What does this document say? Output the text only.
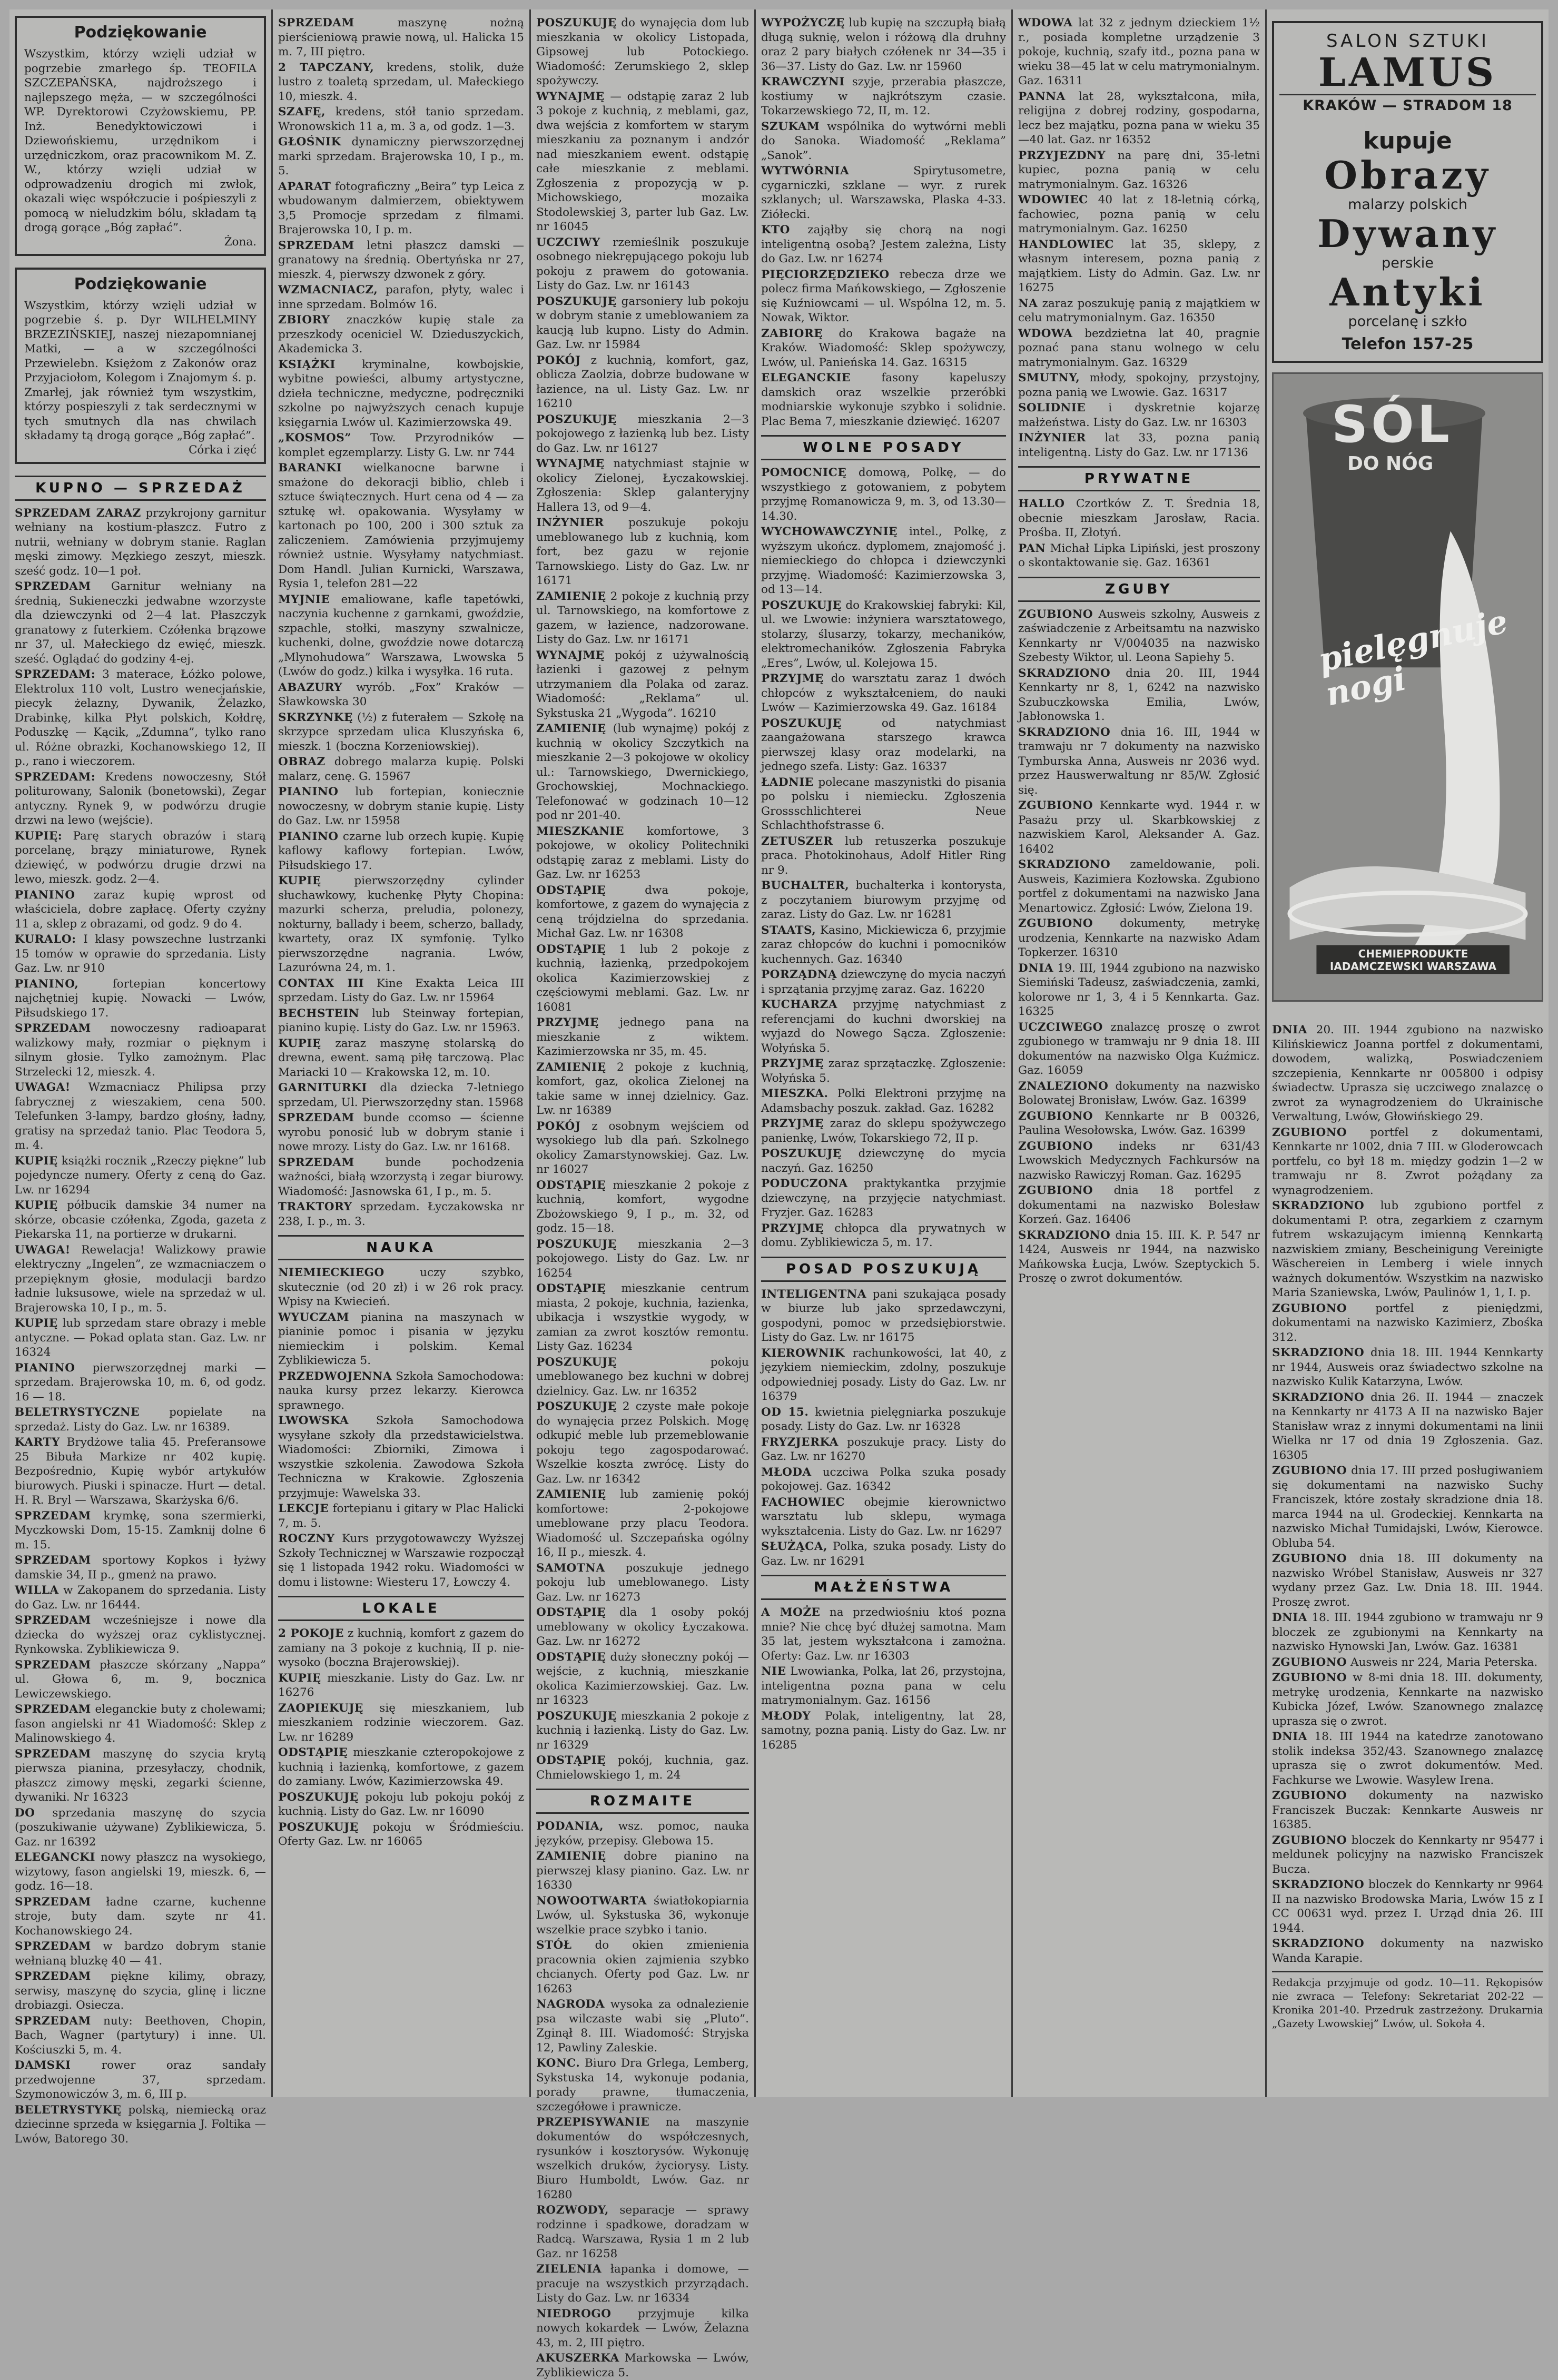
Podziękowanie
Wszystkim, którzy wzięli udział w pogrzebie zmarłego śp. TEOFILA SZCZEPAŃSKA, najdroższego i najlepszego męża, — w szczególności WP. Dyrektorowi Czyżowskiemu, PP. Inż. Benedyktowiczowi i Dziewońskiemu, urzędnikom i urzędniczkom, oraz pracownikom M. Z. W., którzy wzięli udział w odprowadzeniu drogich mi zwłok, okazali więc współczucie i pośpieszyli z pomocą w nieludzkim bólu, składam tą drogą gorące „Bóg zapłać”.
Żona.
Podziękowanie
Wszystkim, którzy wzięli udział w pogrzebie ś. p. Dyr WILHELMINY BRZEZIŃSKIEJ, naszej niezapomnianej Matki, — a w szczególności Przewielebn. Księżom z Zakonów oraz Przyjaciołom, Kolegom i Znajomym ś. p. Zmarłej, jak również tym wszystkim, którzy pospieszyli z tak serdecznymi w tych smutnych dla nas chwilach składamy tą drogą gorące „Bóg zapłać”.
Córka i zięć
KUPNO — SPRZEDAŻ
SPRZEDAM ZARAZ przykrojony garnitur wełniany na kostium-płaszcz. Futro z nutrii, wełniany w dobrym stanie. Raglan męski zimowy. Męzkiego zeszyt, mieszk. sześć godz. 10—1 poł.
SPRZEDAM Garnitur wełniany na średnią, Sukieneczki jedwabne wzorzyste dla dziewczynki od 2—4 lat. Płaszczyk granatowy z futerkiem. Czółenka brązowe nr 37, ul. Małeckiego dz ewięć, mieszk. sześć. Oglądać do godziny 4-ej.
SPRZEDAM: 3 materace, Łóżko polowe, Elektrolux 110 volt, Lustro wenecjańskie, piecyk żelazny, Dywanik, Żelazko, Drabinkę, kilka Płyt polskich, Kołdrę, Poduszkę — Kącik, „Zdumna”, tylko rano ul. Różne obrazki, Kochanowskiego 12, II p., rano i wieczorem.
SPRZEDAM: Kredens nowoczesny, Stół politurowany, Salonik (bonetowski), Zegar antyczny. Rynek 9, w podwórzu drugie drzwi na lewo (wejście).
KUPIĘ: Parę starych obrazów i starą porcelanę, brązy miniaturowe, Rynek dziewięć, w podwórzu drugie drzwi na lewo, mieszk. godz. 2—4.
PIANINO zaraz kupię wprost od właściciela, dobre zapłacę. Oferty czyżny 11 a, sklep z obrazami, od godz. 9 do 4.
KURALO: I klasy powszechne lustrzanki 15 tomów w oprawie do sprzedania. Listy Gaz. Lw. nr 910
PIANINO, fortepian koncertowy najchętniej kupię. Nowacki — Lwów, Piłsudskiego 17.
SPRZEDAM nowoczesny radioaparat walizkowy mały, rozmiar o pięknym i silnym głosie. Tylko zamożnym. Plac Strzelecki 12, mieszk. 4.
UWAGA! Wzmacniacz Philipsa przy fabrycznej z wieszakiem, cena 500. Telefunken 3-lampy, bardzo głośny, ładny, gratisy na sprzedaż tanio. Plac Teodora 5, m. 4.
KUPIĘ książki rocznik „Rzeczy piękne” lub pojedyncze numery. Oferty z ceną do Gaz. Lw. nr 16294
KUPIĘ półbucik damskie 34 numer na skórze, obcasie czółenka, Zgoda, gazeta z Piekarska 11, na portierze w drukarni.
UWAGA! Rewelacja! Walizkowy prawie elektryczny „Ingelen”, ze wzmacniaczem o przepięknym głosie, modulacji bardzo ładnie luksusowe, wiele na sprzedaż w ul. Brajerowska 10, I p., m. 5.
KUPIĘ lub sprzedam stare obrazy i meble antyczne. — Pokad oplata stan. Gaz. Lw. nr 16324
PIANINO pierwszorzędnej marki — sprzedam. Brajerowska 10, m. 6, od godz. 16 — 18.
BELETRYSTYCZNE popielate na sprzedaż. Listy do Gaz. Lw. nr 16389.
KARTY Brydżowe talia 45. Preferansowe 25 Bibuła Markize nr 402 kupię. Bezpośrednio, Kupię wybór artykułów biurowych. Piuski i spinacze. Hurt — detal. H. R. Bryl — Warszawa, Skarżyska 6/6.
SPRZEDAM krymkę, sona szermierki, Myczkowski Dom, 15-15. Zamknij dolne 6 m. 15.
SPRZEDAM sportowy Kopkos i łyżwy damskie 34, II p., gmenż na prawo.
WILLA w Zakopanem do sprzedania. Listy do Gaz. Lw. nr 16444.
SPRZEDAM wcześniejsze i nowe dla dziecka do wyższej oraz cyklistycznej. Rynkowska. Zyblikiewicza 9.
SPRZEDAM płaszcze skórzany „Nappa” ul. Głowa 6, m. 9, bocznica Lewiczewskiego.
SPRZEDAM eleganckie buty z cholewami; fason angielski nr 41 Wiadomość: Sklep z Malinowskiego 4.
SPRZEDAM maszynę do szycia krytą pierwsza pianina, przesyłaczy, chodnik, płaszcz zimowy męski, zegarki ścienne, dywaniki. Nr 16323
DO sprzedania maszynę do szycia (poszukiwanie używane) Zyblikiewicza, 5. Gaz. nr 16392
ELEGANCKI nowy płaszcz na wysokiego, wizytowy, fason angielski 19, mieszk. 6, — godz. 16—18.
SPRZEDAM ładne czarne, kuchenne stroje, buty dam. szyte nr 41. Kochanowskiego 24.
SPRZEDAM w bardzo dobrym stanie wełnianą bluzkę 40 — 41.
SPRZEDAM piękne kilimy, obrazy, serwisy, maszynę do szycia, glinę i liczne drobiazgi. Osiecza.
SPRZEDAM nuty: Beethoven, Chopin, Bach, Wagner (partytury) i inne. Ul. Kościuszki 5, m. 4.
DAMSKI rower oraz sandały przedwojenne 37, sprzedam. Szymonowiczów 3, m. 6, III p.
BELETRYSTYKĘ polską, niemiecką oraz dziecinne sprzeda w księgarnia J. Foltika — Lwów, Batorego 30.
SPRZEDAM maszynę nożną pierścieniową prawie nową, ul. Halicka 15 m. 7, III piętro.
2 TAPCZANY, kredens, stolik, duże lustro z toaletą sprzedam, ul. Małeckiego 10, mieszk. 4.
SZAFĘ, kredens, stół tanio sprzedam. Wronowskich 11 a, m. 3 a, od godz. 1—3.
GŁOŚNIK dynamiczny pierwszorzędnej marki sprzedam. Brajerowska 10, I p., m. 5.
APARAT fotograficzny „Beira” typ Leica z wbudowanym dalmierzem, obiektywem 3,5 Promocje sprzedam z filmami. Brajerowska 10, I p. m.
SPRZEDAM letni płaszcz damski — granatowy na średnią. Obertyńska nr 27, mieszk. 4, pierwszy dzwonek z góry.
WZMACNIACZ, parafon, płyty, walec i inne sprzedam. Bolmów 16.
ZBIORY znaczków kupię stale za przeszkody oceniciel W. Dzieduszyckich, Akademicka 3.
KSIĄŻKI kryminalne, kowbojskie, wybitne powieści, albumy artystyczne, dzieła techniczne, medyczne, podręczniki szkolne po najwyższych cenach kupuje księgarnia Lwów ul. Kazimierzowska 49.
„KOSMOS” Tow. Przyrodników — komplet egzemplarzy. Listy G. Lw. nr 744
BARANKI wielkanocne barwne i smażone do dekoracji biblio, chleb i sztuce świątecznych. Hurt cena od 4 — za sztukę wł. opakowania. Wysyłamy w kartonach po 100, 200 i 300 sztuk za zaliczeniem. Zamówienia przyjmujemy również ustnie. Wysyłamy natychmiast. Dom Handl. Julian Kurnicki, Warszawa, Rysia 1, telefon 281—22
MYJNIE emaliowane, kafle tapetówki, naczynia kuchenne z garnkami, gwoździe, szpachle, stołki, maszyny szwalnicze, kuchenki, dolne, gwoździe nowe dotarczą „Mlynohudowa” Warszawa, Lwowska 5 (Lwów do godz.) kilka i wysyłka. 16 ruta.
ABAZURY wyrób. „Fox” Kraków — Sławkowska 30
SKRZYNKĘ (½) z futerałem — Szkołę na skrzypce sprzedam ulica Kluszyńska 6, mieszk. 1 (boczna Korzeniowskiej).
OBRAZ dobrego malarza kupię. Polski malarz, cenę. G. 15967
PIANINO lub fortepian, koniecznie nowoczesny, w dobrym stanie kupię. Listy do Gaz. Lw. nr 15958
PIANINO czarne lub orzech kupię. Kupię kaflowy kaflowy fortepian. Lwów, Piłsudskiego 17.
KUPIĘ pierwszorzędny cylinder słuchawkowy, kuchenkę Płyty Chopina: mazurki scherza, preludia, polonezy, nokturny, ballady i beem, scherzo, ballady, kwartety, oraz IX symfonię. Tylko pierwszorzędne nagrania. Lwów, Lazurówna 24, m. 1.
CONTAX III Kine Exakta Leica III sprzedam. Listy do Gaz. Lw. nr 15964
BECHSTEIN lub Steinway fortepian, pianino kupię. Listy do Gaz. Lw. nr 15963.
KUPIĘ zaraz maszynę stolarską do drewna, ewent. samą piłę tarczową. Plac Mariacki 10 — Krakowska 12, m. 10.
GARNITURKI dla dziecka 7-letniego sprzedam, Ul. Pierwszorzędny stan. 15968
SPRZEDAM bunde ccomso — ścienne wyrobu ponosić lub w dobrym stanie i nowe mrozy. Listy do Gaz. Lw. nr 16168.
SPRZEDAM bunde pochodzenia ważności, białą wzorzystą i zegar biurowy. Wiadomość: Jasnowska 61, I p., m. 5.
TRAKTORY sprzedam. Łyczakowska nr 238, I. p., m. 3.
NAUKA
NIEMIECKIEGO uczy szybko, skutecznie (od 20 zł) i w 26 rok pracy. Wpisy na Kwiecień.
WYUCZAM pianina na maszynach w pianinie pomoc i pisania w języku niemieckim i polskim. Kemal Zyblikiewicza 5.
PRZEDWOJENNA Szkoła Samochodowa: nauka kursy przez lekarzy. Kierowca sprawnego.
LWOWSKA Szkoła Samochodowa wysyłane szkoły dla przedstawicielstwa. Wiadomości: Zbiorniki, Zimowa i wszystkie szkolenia. Zawodowa Szkoła Techniczna w Krakowie. Zgłoszenia przyjmuje: Wawelska 33.
LEKCJE fortepianu i gitary w Plac Halicki 7, m. 5.
ROCZNY Kurs przygotowawczy Wyższej Szkoły Technicznej w Warszawie rozpoczął się 1 listopada 1942 roku. Wiadomości w domu i listowne: Wiesteru 17, Łowczy 4.
LOKALE
2 POKOJE z kuchnią, komfort z gazem do zamiany na 3 pokoje z kuchnią, II p. nie-wysoko (boczna Brajerowskiej).
KUPIĘ mieszkanie. Listy do Gaz. Lw. nr 16276
ZAOPIEKUJĘ się mieszkaniem, lub mieszkaniem rodzinie wieczorem. Gaz. Lw. nr 16289
ODSTĄPIĘ mieszkanie czteropokojowe z kuchnią i łazienką, komfortowe, z gazem do zamiany. Lwów, Kazimierzowska 49.
POSZUKUJĘ pokoju lub pokoju pokój z kuchnią. Listy do Gaz. Lw. nr 16090
POSZUKUJĘ pokoju w Śródmieściu. Oferty Gaz. Lw. nr 16065
POSZUKUJĘ do wynajęcia dom lub mieszkania w okolicy Listopada, Gipsowej lub Potockiego. Wiadomość: Zerumskiego 2, sklep spożywczy.
WYNAJMĘ — odstąpię zaraz 2 lub 3 pokoje z kuchnią, z meblami, gaz, dwa wejścia z komfortem w starym mieszkaniu za poznanym i andzór nad mieszkaniem ewent. odstąpię całe mieszkanie z meblami. Zgłoszenia z propozycją w p. Michowskiego, mozaika Stodolewskiej 3, parter lub Gaz. Lw. nr 16045
UCZCIWY rzemieślnik poszukuje osobnego niekrępującego pokoju lub pokoju z prawem do gotowania. Listy do Gaz. Lw. nr 16143
POSZUKUJĘ garsoniery lub pokoju w dobrym stanie z umeblowaniem za kaucją lub kupno. Listy do Admin. Gaz. Lw. nr 15984
POKÓJ z kuchnią, komfort, gaz, oblicza Zaolzia, dobrze budowane w łazience, na ul. Listy Gaz. Lw. nr 16210
POSZUKUJĘ mieszkania 2—3 pokojowego z łazienką lub bez. Listy do Gaz. Lw. nr 16127
WYNAJMĘ natychmiast stajnie w okolicy Zielonej, Łyczakowskiej. Zgłoszenia: Sklep galanteryjny Hallera 13, od 9—4.
INŻYNIER poszukuje pokoju umeblowanego lub z kuchnią, kom fort, bez gazu w rejonie Tarnowskiego. Listy do Gaz. Lw. nr 16171
ZAMIENIĘ 2 pokoje z kuchnią przy ul. Tarnowskiego, na komfortowe z gazem, w łazience, nadzorowane. Listy do Gaz. Lw. nr 16171
WYNAJMĘ pokój z używalnością łazienki i gazowej z pełnym utrzymaniem dla Polaka od zaraz. Wiadomość: „Reklama” ul. Sykstuska 21 „Wygoda”. 16210
ZAMIENIĘ (lub wynajmę) pokój z kuchnią w okolicy Szczytkich na mieszkanie 2—3 pokojowe w okolicy ul.: Tarnowskiego, Dwernickiego, Grochowskiej, Mochnackiego. Telefonować w godzinach 10—12 pod nr 201-40.
MIESZKANIE komfortowe, 3 pokojowe, w okolicy Politechniki odstąpię zaraz z meblami. Listy do Gaz. Lw. nr 16253
ODSTĄPIĘ dwa pokoje, komfortowe, z gazem do wynajęcia z ceną trójdzielna do sprzedania. Michał Gaz. Lw. nr 16308
ODSTĄPIĘ 1 lub 2 pokoje z kuchnią, łazienką, przedpokojem okolica Kazimierzowskiej z częściowymi meblami. Gaz. Lw. nr 16081
PRZYJMĘ jednego pana na mieszkanie z wiktem. Kazimierzowska nr 35, m. 45.
ZAMIENIĘ 2 pokoje z kuchnią, komfort, gaz, okolica Zielonej na takie same w innej dzielnicy. Gaz. Lw. nr 16389
POKÓJ z osobnym wejściem od wysokiego lub dla pań. Szkolnego okolicy Zamarstynowskiej. Gaz. Lw. nr 16027
ODSTĄPIĘ mieszkanie 2 pokoje z kuchnią, komfort, wygodne Zbożowskiego 9, I p., m. 32, od godz. 15—18.
POSZUKUJĘ mieszkania 2—3 pokojowego. Listy do Gaz. Lw. nr 16254
ODSTĄPIĘ mieszkanie centrum miasta, 2 pokoje, kuchnia, łazienka, ubikacja i wszystkie wygody, w zamian za zwrot kosztów remontu. Listy Gaz. 16234
POSZUKUJĘ pokoju umeblowanego bez kuchni w dobrej dzielnicy. Gaz. Lw. nr 16352
POSZUKUJĘ 2 czyste małe pokoje do wynajęcia przez Polskich. Mogę odkupić meble lub przemeblowanie pokoju tego zagospodarować. Wszelkie koszta zwrócę. Listy do Gaz. Lw. nr 16342
ZAMIENIĘ lub zamienię pokój komfortowe: 2-pokojowe umeblowane przy placu Teodora. Wiadomość ul. Szczepańska ogólny 16, II p., mieszk. 4.
SAMOTNA poszukuje jednego pokoju lub umeblowanego. Listy Gaz. Lw. nr 16273
ODSTĄPIĘ dla 1 osoby pokój umeblowany w okolicy Łyczakowa. Gaz. Lw. nr 16272
ODSTĄPIĘ duży słoneczny pokój — wejście, z kuchnią, mieszkanie okolica Kazimierzowskiej. Gaz. Lw. nr 16323
POSZUKUJĘ mieszkania 2 pokoje z kuchnią i łazienką. Listy do Gaz. Lw. nr 16329
ODSTĄPIĘ pokój, kuchnia, gaz. Chmielowskiego 1, m. 24
ROZMAITE
PODANIA, wsz. pomoc, nauka języków, przepisy. Glebowa 15.
ZAMIENIĘ dobre pianino na pierwszej klasy pianino. Gaz. Lw. nr 16330
NOWOOTWARTA światłokopiarnia Lwów, ul. Sykstuska 36, wykonuje wszelkie prace szybko i tanio.
STÓŁ do okien zmienienia pracownia okien zajmienia szybko chcianych. Oferty pod Gaz. Lw. nr 16263
NAGRODA wysoka za odnalezienie psa wilczaste wabi się „Pluto”. Zginął 8. III. Wiadomość: Stryjska 12, Pawliny Zaleskie.
KONC. Biuro Dra Grlega, Lemberg, Sykstuska 14, wykonuje podania, porady prawne, tłumaczenia, szczegółowe i prawnicze.
PRZEPISYWANIE na maszynie dokumentów do współczesnych, rysunków i kosztorysów. Wykonuję wszelkich druków, życiorysy. Listy. Biuro Humboldt, Lwów. Gaz. nr 16280
ROZWODY, separacje — sprawy rodzinne i spadkowe, doradzam w Radcą. Warszawa, Rysia 1 m 2 lub Gaz. nr 16258
ZIELENIA łapanka i domowe, — pracuje na wszystkich przyrządach. Listy do Gaz. Lw. nr 16334
NIEDROGO przyjmuje kilka nowych kokardek — Lwów, Żelazna 43, m. 2, III piętro.
AKUSZERKA Markowska — Lwów, Zyblikiewicza 5.
WYPOŻYCZĘ lub kupię na szczupłą białą długą suknię, welon i różową dla druhny oraz 2 pary białych czółenek nr 34—35 i 36—37. Listy do Gaz. Lw. nr 15960
KRAWCZYNI szyje, przerabia płaszcze, kostiumy w najkrótszym czasie. Tokarzewskiego 72, II, m. 12.
SZUKAM wspólnika do wytwórni mebli do Sanoka. Wiadomość „Reklama” „Sanok”.
WYTWÓRNIA Spirytusometre, cygarniczki, szklane — wyr. z rurek szklanych; ul. Warszawska, Plaska 4-33. Ziółecki.
KTO zająłby się chorą na nogi inteligentną osobą? Jestem zależna, Listy do Gaz. Lw. nr 16274
PIĘCIORZĘDZIEKO rebecza drze we polecz firma Mańkowskiego, — Zgłoszenie się Kuźniowcami — ul. Wspólna 12, m. 5. Nowak, Wiktor.
ZABIORĘ do Krakowa bagaże na Kraków. Wiadomość: Sklep spożywczy, Lwów, ul. Panieńska 14. Gaz. 16315
ELEGANCKIE fasony kapeluszy damskich oraz wszelkie przeróbki modniarskie wykonuje szybko i solidnie. Plac Bema 7, mieszkanie dziewięć. 16207
WOLNE POSADY
POMOCNICĘ domową, Polkę, — do wszystkiego z gotowaniem, z pobytem przyjmę Romanowicza 9, m. 3, od 13.30—14.30.
WYCHOWAWCZYNIĘ intel., Polkę, z wyższym ukończ. dyplomem, znajomość j. niemieckiego do chłopca i dziewczynki przyjmę. Wiadomość: Kazimierzowska 3, od 13—14.
POSZUKUJĘ do Krakowskiej fabryki: Kil, ul. we Lwowie: inżyniera warsztatowego, stolarzy, ślusarzy, tokarzy, mechaników, elektromechaników. Zgłoszenia Fabryka „Eres”, Lwów, ul. Kolejowa 15.
PRZYJMĘ do warsztatu zaraz 1 dwóch chłopców z wykształceniem, do nauki Lwów — Kazimierzowska 49. Gaz. 16184
POSZUKUJĘ od natychmiast zaangażowana starszego krawca pierwszej klasy oraz modelarki, na jednego szefa. Listy: Gaz. 16337
ŁADNIE polecane maszynistki do pisania po polsku i niemiecku. Zgłoszenia Grossschlichterei Neue Schlachthofstrasse 6.
ZETUSZER lub retuszerka poszukuje praca. Photokinohaus, Adolf Hitler Ring nr 9.
BUCHALTER, buchalterka i kontorysta, z poczytaniem biurowym przyjmę od zaraz. Listy do Gaz. Lw. nr 16281
STAATS, Kasino, Mickiewicza 6, przyjmie zaraz chłopców do kuchni i pomocników kuchennych. Gaz. 16340
PORZĄDNĄ dziewczynę do mycia naczyń i sprzątania przyjmę zaraz. Gaz. 16220
KUCHARZA przyjmę natychmiast z referencjami do kuchni dworskiej na wyjazd do Nowego Sącza. Zgłoszenie: Wołyńska 5.
PRZYJMĘ zaraz sprzątaczkę. Zgłoszenie: Wołyńska 5.
MIESZKA. Polki Elektroni przyjmę na Adamsbachy poszuk. zakład. Gaz. 16282
PRZYJMĘ zaraz do sklepu spożywczego panienkę, Lwów, Tokarskiego 72, II p.
POSZUKUJĘ dziewczynę do mycia naczyń. Gaz. 16250
PODUCZONA praktykantka przyjmie dziewczynę, na przyjęcie natychmiast. Fryzjer. Gaz. 16283
PRZYJMĘ chłopca dla prywatnych w domu. Zyblikiewicza 5, m. 17.
POSAD POSZUKUJĄ
INTELIGENTNA pani szukająca posady w biurze lub jako sprzedawczyni, gospodyni, pomoc w przedsiębiorstwie. Listy do Gaz. Lw. nr 16175
KIEROWNIK rachunkowości, lat 40, z językiem niemieckim, zdolny, poszukuje odpowiedniej posady. Listy do Gaz. Lw. nr 16379
OD 15. kwietnia pielęgniarka poszukuje posady. Listy do Gaz. Lw. nr 16328
FRYZJERKA poszukuje pracy. Listy do Gaz. Lw. nr 16270
MŁODA uczciwa Polka szuka posady pokojowej. Gaz. 16342
FACHOWIEC obejmie kierownictwo warsztatu lub sklepu, wymaga wykształcenia. Listy do Gaz. Lw. nr 16297
SŁUŻĄCA, Polka, szuka posady. Listy do Gaz. Lw. nr 16291
MAŁŻEŃSTWA
A MOŻE na przedwiośniu ktoś pozna mnie? Nie chcę być dłużej samotna. Mam 35 lat, jestem wykształcona i zamożna. Oferty: Gaz. Lw. nr 16303
NIE Lwowianka, Polka, lat 26, przystojna, inteligentna pozna pana w celu matrymonialnym. Gaz. 16156
MŁODY Polak, inteligentny, lat 28, samotny, pozna panią. Listy do Gaz. Lw. nr 16285
WDOWA lat 32 z jednym dzieckiem 1½ r., posiada kompletne urządzenie 3 pokoje, kuchnią, szafy itd., pozna pana w wieku 38—45 lat w celu matrymonialnym. Gaz. 16311
PANNA lat 28, wykształcona, miła, religijna z dobrej rodziny, gospodarna, lecz bez majątku, pozna pana w wieku 35—40 lat. Gaz. nr 16352
PRZYJEZDNY na parę dni, 35-letni kupiec, pozna panią w celu matrymonialnym. Gaz. 16326
WDOWIEC 40 lat z 18-letnią córką, fachowiec, pozna panią w celu matrymonialnym. Gaz. 16250
HANDLOWIEC lat 35, sklepy, z własnym interesem, pozna panią z majątkiem. Listy do Admin. Gaz. Lw. nr 16275
NA zaraz poszukuję panią z majątkiem w celu matrymonialnym. Gaz. 16350
WDOWA bezdzietna lat 40, pragnie poznać pana stanu wolnego w celu matrymonialnym. Gaz. 16329
SMUTNY, młody, spokojny, przystojny, pozna panią we Lwowie. Gaz. 16317
SOLIDNIE i dyskretnie kojarzę małżeństwa. Listy do Gaz. Lw. nr 16303
INŻYNIER lat 33, pozna panią inteligentną. Listy do Gaz. Lw. nr 17136
PRYWATNE
HALLO Czortków Z. T. Średnia 18, obecnie mieszkam Jarosław, Racia. Prośba. II, Złotyń.
PAN Michał Lipka Lipiński, jest proszony o skontaktowanie się. Gaz. 16361
ZGUBY
ZGUBIONO Ausweis szkolny, Ausweis z zaświadczenie z Arbeitsamtu na nazwisko Kennkarty nr V/004035 na nazwisko Szebesty Wiktor, ul. Leona Sapiehy 5.
SKRADZIONO dnia 20. III, 1944 Kennkarty nr 8, 1, 6242 na nazwisko Szubuczkowska Emilia, Lwów, Jabłonowska 1.
SKRADZIONO dnia 16. III, 1944 w tramwaju nr 7 dokumenty na nazwisko Tymburska Anna, Ausweis nr 2036 wyd. przez Hauswerwaltung nr 85/W. Zgłosić się.
ZGUBIONO Kennkarte wyd. 1944 r. w Pasażu przy ul. Skarbkowskiej z nazwiskiem Karol, Aleksander A. Gaz. 16402
SKRADZIONO zameldowanie, poli. Ausweis, Kazimiera Kozłowska. Zgubiono portfel z dokumentami na nazwisko Jana Menartowicz. Zgłosić: Lwów, Zielona 19.
ZGUBIONO dokumenty, metrykę urodzenia, Kennkarte na nazwisko Adam Topkerzer. 16310
DNIA 19. III, 1944 zgubiono na nazwisko Siemiński Tadeusz, zaświadczenia, zamki, kolorowe nr 1, 3, 4 i 5 Kennkarta. Gaz. 16325
UCZCIWEGO znalazcę proszę o zwrot zgubionego w tramwaju nr 9 dnia 18. III dokumentów na nazwisko Olga Kuźmicz. Gaz. 16059
ZNALEZIONO dokumenty na nazwisko Bolowatej Bronisław, Lwów. Gaz. 16399
ZGUBIONO Kennkarte nr B 00326, Paulina Wesołowska, Lwów. Gaz. 16399
ZGUBIONO indeks nr 631/43 Lwowskich Medycznych Fachkursów na nazwisko Rawiczyj Roman. Gaz. 16295
ZGUBIONO dnia 18 portfel z dokumentami na nazwisko Bolesław Korzeń. Gaz. 16406
SKRADZIONO dnia 15. III. K. P. 547 nr 1424, Ausweis nr 1944, na nazwisko Mańkowska Łucja, Lwów. Szeptyckich 5. Proszę o zwrot dokumentów.
SALON SZTUKI
LAMUS
KRAKÓW — STRADOM 18
kupuje
Obrazy
malarzy polskich
Dywany
perskie
Antyki
porcelanę i szkło
Telefon 157-25
SÓL
DO NÓG
pielęgnuje nogi
CHEMIEPRODUKTE IADAMCZEWSKI WARSZAWA
DNIA 20. III. 1944 zgubiono na nazwisko Kilińskiewicz Joanna portfel z dokumentami, dowodem, walizką, Poswiadczeniem szczepienia, Kennkarte nr 005800 i odpisy świadectw. Uprasza się uczciwego znalazcę o zwrot za wynagrodzeniem do Ukrainische Verwaltung, Lwów, Głowińskiego 29.
ZGUBIONO portfel z dokumentami, Kennkarte nr 1002, dnia 7 III. w Gloderowcach portfelu, co był 18 m. między godzin 1—2 w tramwaju nr 8. Zwrot pożądany za wynagrodzeniem.
SKRADZIONO lub zgubiono portfel z dokumentami P. otra, zegarkiem z czarnym futrem wskazującym imienną Kennkartą nazwiskiem zmiany, Bescheinigung Vereinigte Wäschereien in Lemberg i wiele innych ważnych dokumentów. Wszystkim na nazwisko Maria Szaniewska, Lwów, Paulinów 1, 1, I. p.
ZGUBIONO portfel z pieniędzmi, dokumentami na nazwisko Kazimierz, Zbośka 312.
SKRADZIONO dnia 18. III. 1944 Kennkarty nr 1944, Ausweis oraz świadectwo szkolne na nazwisko Kulik Katarzyna, Lwów.
SKRADZIONO dnia 26. II. 1944 — znaczek na Kennkarty nr 4173 A II na nazwisko Bajer Stanisław wraz z innymi dokumentami na linii Wielka nr 17 od dnia 19 Zgłoszenia. Gaz. 16305
ZGUBIONO dnia 17. III przed posługiwaniem się dokumentami na nazwisko Suchy Franciszek, które zostały skradzione dnia 18. marca 1944 na ul. Grodeckiej. Kennkarta na nazwisko Michał Tumidajski, Lwów, Kierowce. Obluba 54.
ZGUBIONO dnia 18. III dokumenty na nazwisko Wróbel Stanisław, Ausweis nr 327 wydany przez Gaz. Lw. Dnia 18. III. 1944. Proszę zwrot.
DNIA 18. III. 1944 zgubiono w tramwaju nr 9 bloczek ze zgubionymi na Kennkarty na nazwisko Hynowski Jan, Lwów. Gaz. 16381
ZGUBIONO Ausweis nr 224, Maria Peterska.
ZGUBIONO w 8-mi dnia 18. III. dokumenty, metrykę urodzenia, Kennkarte na nazwisko Kubicka Józef, Lwów. Szanownego znalazcę uprasza się o zwrot.
DNIA 18. III 1944 na katedrze zanotowano stolik indeksa 352/43. Szanownego znalazcę uprasza się o zwrot dokumentów. Med. Fachkurse we Lwowie. Wasylew Irena.
ZGUBIONO dokumenty na nazwisko Franciszek Buczak: Kennkarte Ausweis nr 16385.
ZGUBIONO bloczek do Kennkarty nr 95477 i meldunek policyjny na nazwisko Franciszek Bucza.
SKRADZIONO bloczek do Kennkarty nr 9964 II na nazwisko Brodowska Maria, Lwów 15 z I CC 00631 wyd. przez I. Urząd dnia 26. III 1944.
SKRADZIONO dokumenty na nazwisko Wanda Karapie.
Redakcja przyjmuje od godz. 10—11. Rękopisów nie zwraca — Telefony: Sekretariat 202-22 — Kronika 201-40. Przedruk zastrzeżony. Drukarnia „Gazety Lwowskiej” Lwów, ul. Sokoła 4.
